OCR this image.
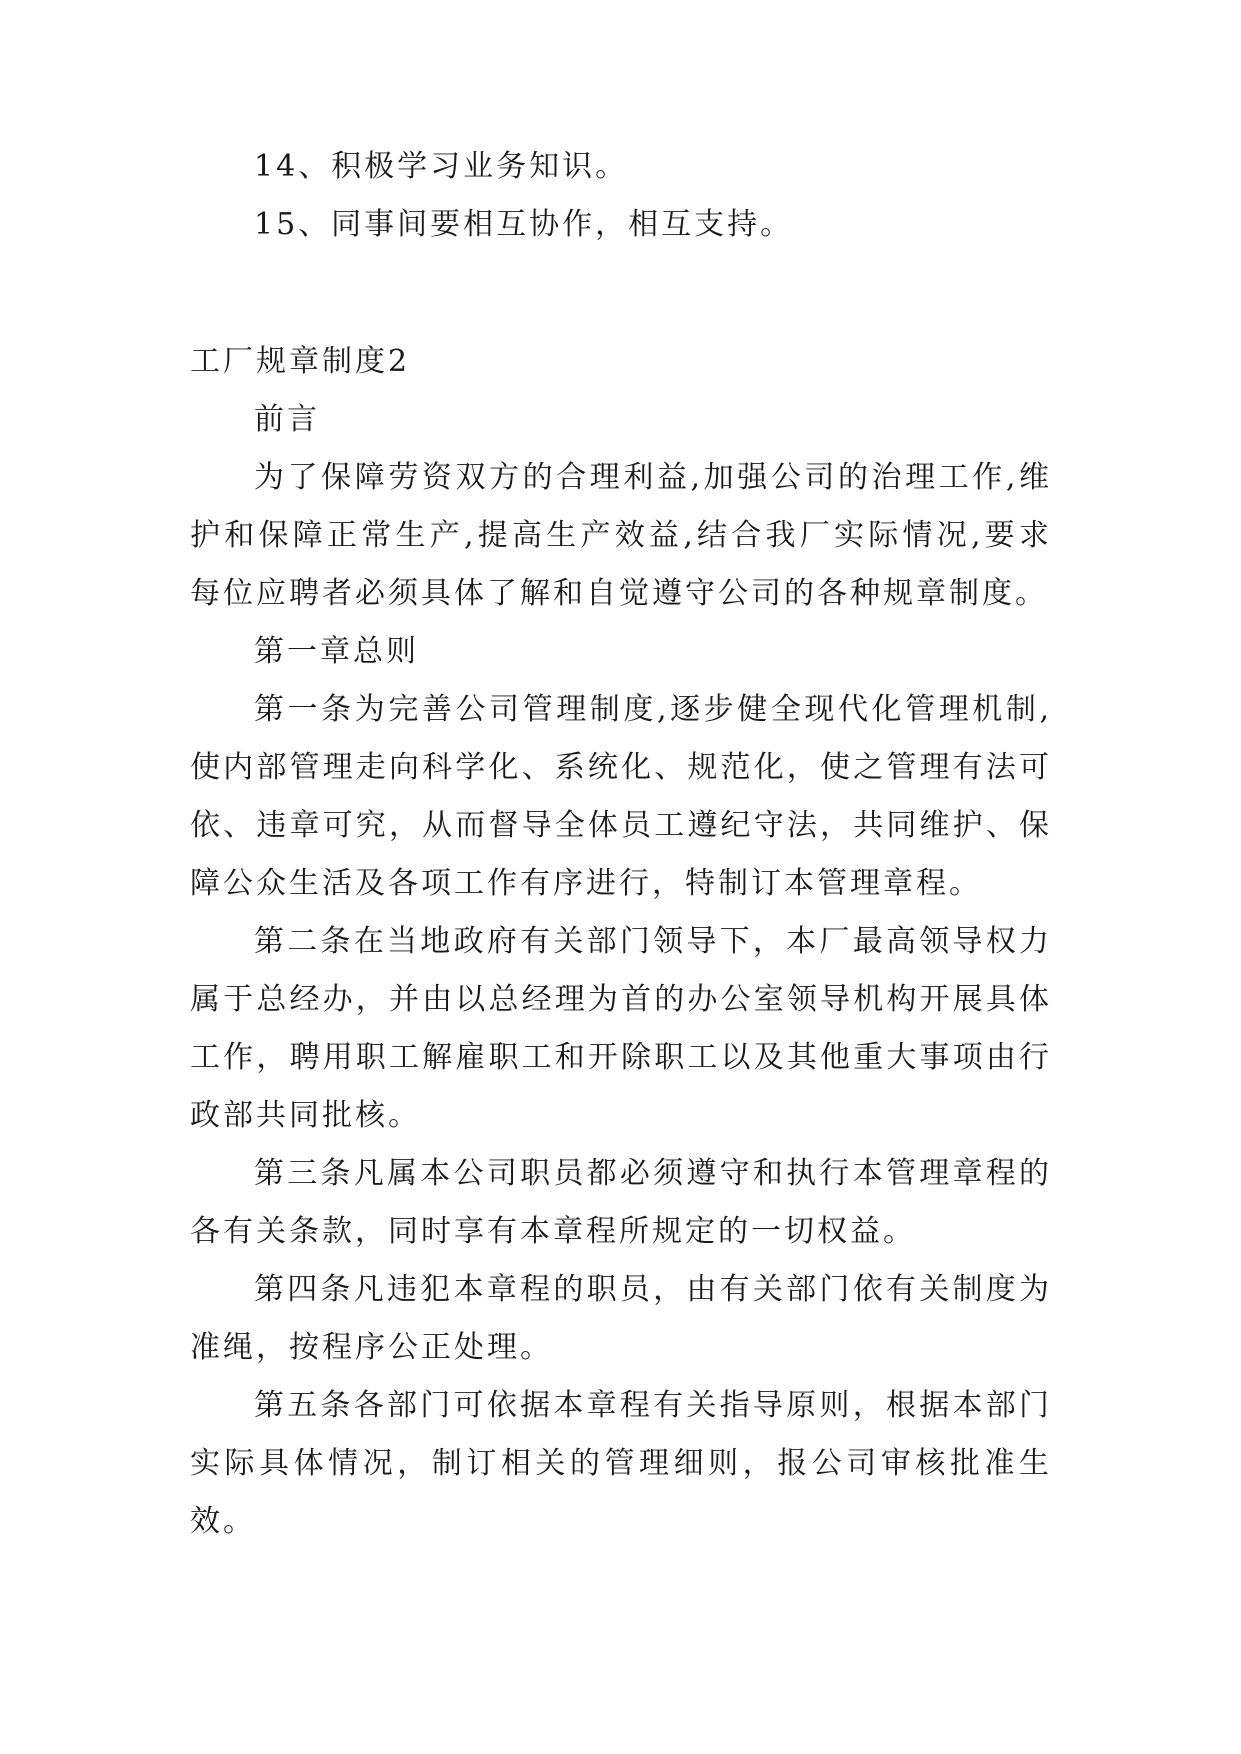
14、积极学习业务知识。

15、同事间要相互协作，相互支持。

工厂规章制度2

前言

为了保障劳资双方的合理利益,加强公司的治理工作,维护和保障正常生产,提高生产效益,结合我厂实际情况,要求每位应聘者必须具体了解和自觉遵守公司的各种规章制度。

第一章总则

第一条为完善公司管理制度,逐步健全现代化管理机制,使内部管理走向科学化、系统化、规范化，使之管理有法可依、违章可究，从而督导全体员工遵纪守法，共同维护、保障公众生活及各项工作有序进行，特制订本管理章程。

第二条在当地政府有关部门领导下，本厂最高领导权力属于总经办，并由以总经理为首的办公室领导机构开展具体工作，聘用职工解雇职工和开除职工以及其他重大事项由行政部共同批核。

第三条凡属本公司职员都必须遵守和执行本管理章程的各有关条款，同时享有本章程所规定的一切权益。

第四条凡违犯本章程的职员，由有关部门依有关制度为准绳，按程序公正处理。

第五条各部门可依据本章程有关指导原则，根据本部门实际具体情况，制订相关的管理细则，报公司审核批准生效。
